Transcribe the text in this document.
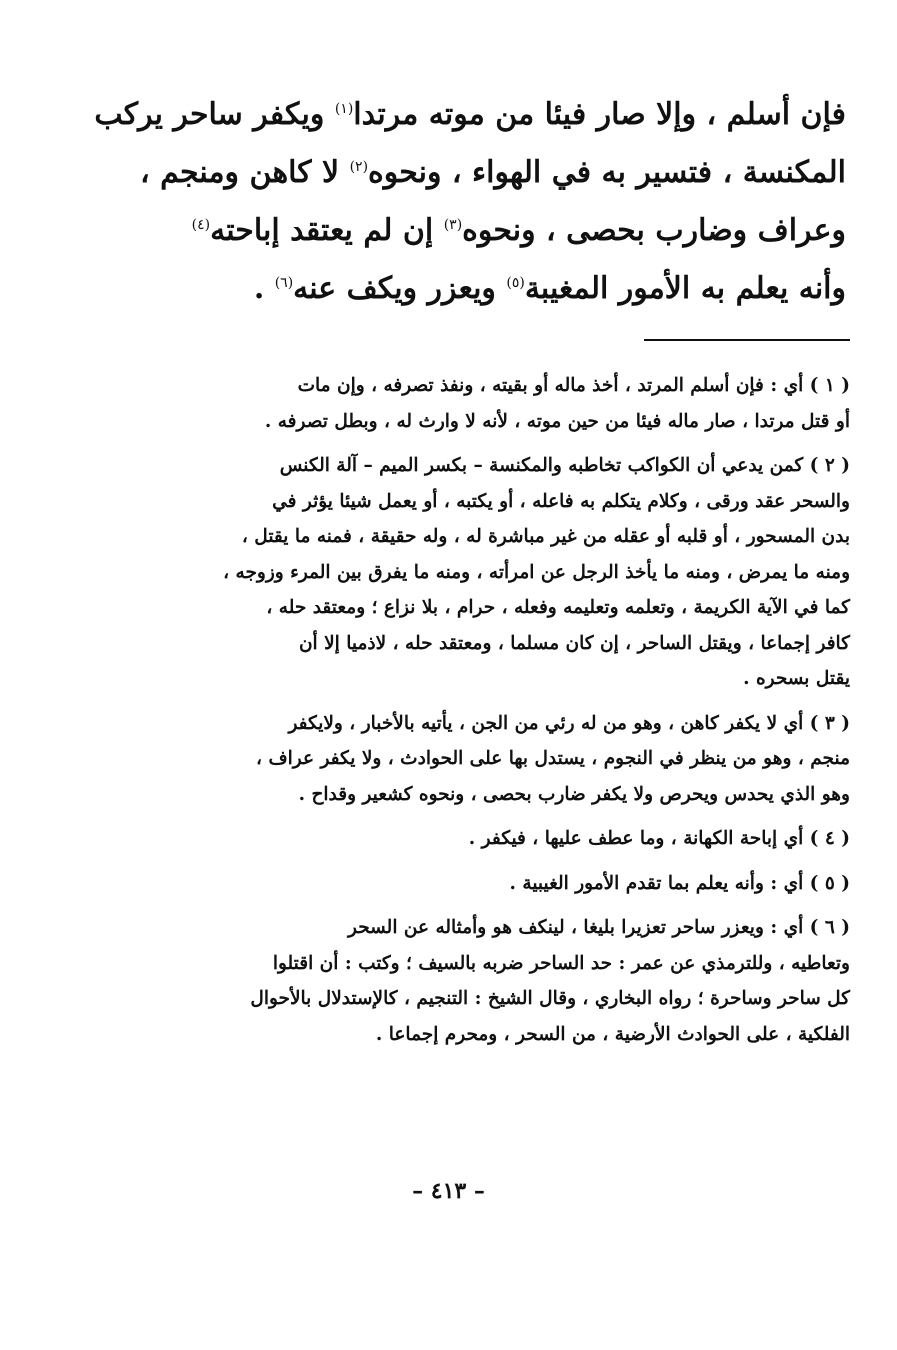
فإن أسلم ، وإلا صار فيئا من موته مرتدا$^{(١)}$ ويكفر ساحر يركب
المكنسة ، فتسير به في الهواء ، ونحوه$^{(٢)}$ لا كاهن ومنجم ،
وعراف وضارب بحصى ، ونحوه$^{(٣)}$ إن لم يعتقد إباحته$^{(٤)}$
وأنه يعلم به الأمور المغيبة$^{(٥)}$ ويعزر ويكف عنه$^{(٦)}$ .
( ١ ) أي : فإن أسلم المرتد ، أخذ ماله أو بقيته ، ونفذ تصرفه ، وإن مات
أو قتل مرتدا ، صار ماله فيئا من حين موته ، لأنه لا وارث له ، وبطل تصرفه .
( ٢ ) كمن يدعي أن الكواكب تخاطبه والمكنسة – بكسر الميم – آلة الكنس
والسحر عقد ورقى ، وكلام يتكلم به فاعله ، أو يكتبه ، أو يعمل شيئا يؤثر في
بدن المسحور ، أو قلبه أو عقله من غير مباشرة له ، وله حقيقة ، فمنه ما يقتل ،
ومنه ما يمرض ، ومنه ما يأخذ الرجل عن امرأته ، ومنه ما يفرق بين المرء وزوجه ،
كما في الآية الكريمة ، وتعلمه وتعليمه وفعله ، حرام ، بلا نزاع ؛ ومعتقد حله ،
كافر إجماعا ، ويقتل الساحر ، إن كان مسلما ، ومعتقد حله ، لاذميا إلا أن
يقتل بسحره .
( ٣ ) أي لا يكفر كاهن ، وهو من له رئي من الجن ، يأتيه بالأخبار ، ولايكفر
منجم ، وهو من ينظر في النجوم ، يستدل بها على الحوادث ، ولا يكفر عراف ،
وهو الذي يحدس ويحرص ولا يكفر ضارب بحصى ، ونحوه كشعير وقداح .
( ٤ ) أي إباحة الكهانة ، وما عطف عليها ، فيكفر .
( ٥ ) أي : وأنه يعلم بما تقدم الأمور الغيبية .
( ٦ ) أي : ويعزر ساحر تعزيرا بليغا ، لينكف هو وأمثاله عن السحر
وتعاطيه ، وللترمذي عن عمر : حد الساحر ضربه بالسيف ؛ وكتب : أن اقتلوا
كل ساحر وساحرة ؛ رواه البخاري ، وقال الشيخ : التنجيم ، كالإستدلال بالأحوال
الفلكية ، على الحوادث الأرضية ، من السحر ، ومحرم إجماعا .
– ٤١٣ –
